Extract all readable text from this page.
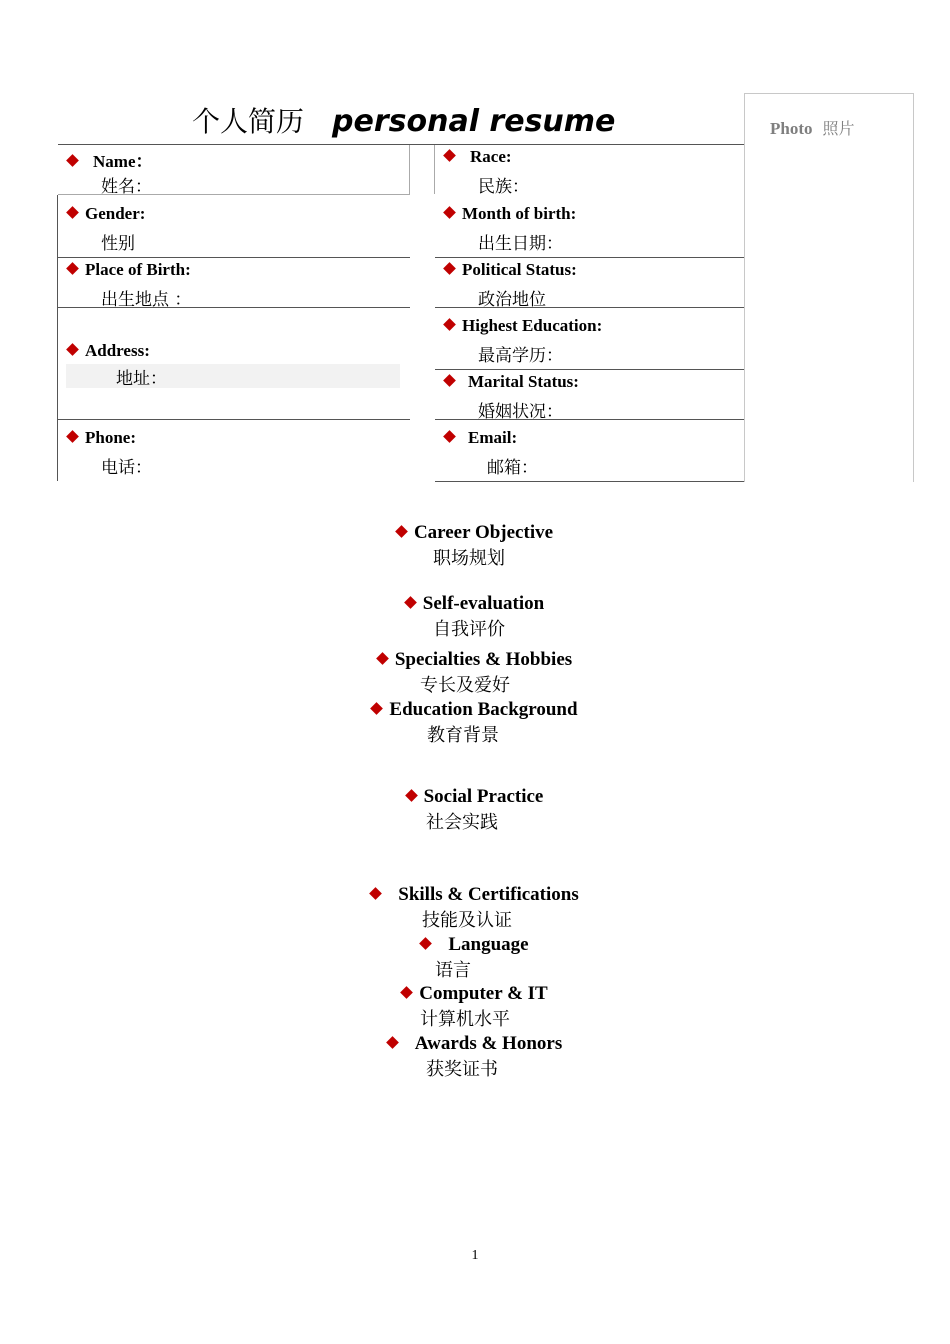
个人简历 personal resume	Photo 照片
Name：
姓名：
Gender:
性别
Place of Birth:
出生地点 ：
Address:
地址：
Phone:
电话：
Race:
民族：
Month of birth:
出生日期：
Political Status:
政治地位
Highest Education:
最高学历：
Marital Status:
婚姻状况：
Email:
邮箱：
Career Objective
职场规划
Self-evaluation
自我评价
Specialties & Hobbies
专长及爱好
Education Background
教育背景
Social Practice
社会实践
Skills & Certifications
技能及认证
Language
语言
Computer & IT
计算机水平
Awards & Honors
获奖证书
1
